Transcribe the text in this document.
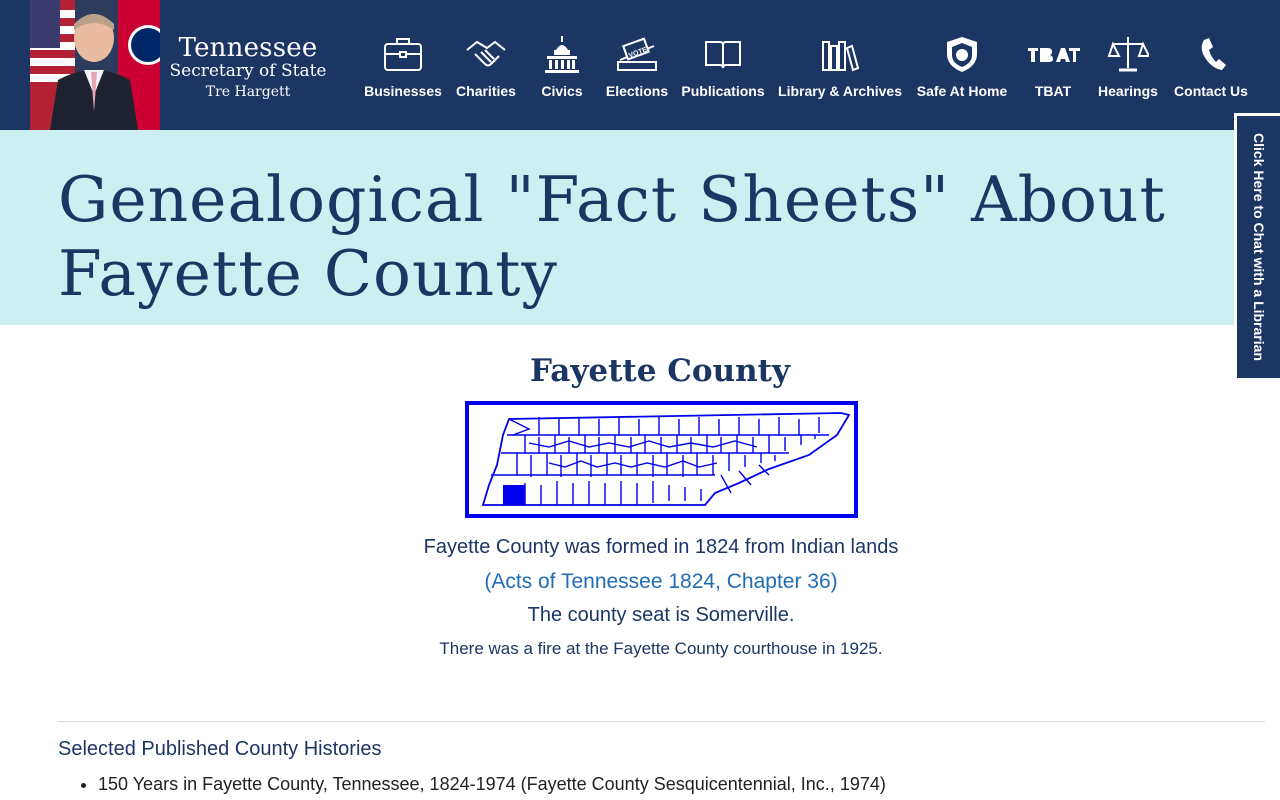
Tennessee
Secretary of State
Tre Hargett	Businesses Charities Civics
VOTE
Elections Publications Library & Archives Safe At Home TBAT Hearings Contact Us
Genealogical "Fact Sheets" About Fayette County	Click Here to Chat with a Librarian
Fayette County
Fayette County was formed in 1824 from Indian lands
(Acts of Tennessee 1824, Chapter 36)
The county seat is Somerville.
There was a fire at the Fayette County courthouse in 1925.
Selected Published County Histories
• 150 Years in Fayette County, Tennessee, 1824-1974 (Fayette County Sesquicentennial, Inc., 1974)
